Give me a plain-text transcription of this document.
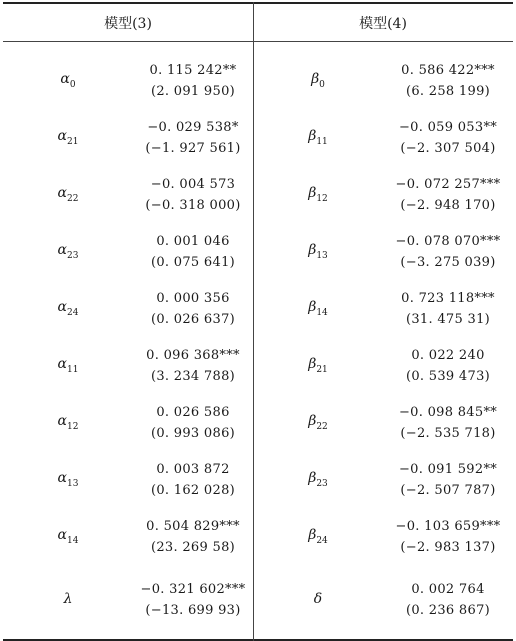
模型(3)	模型(4)
$\alpha_0$
0. 115 242**
(2. 091 950)
$\beta_0$
0. 586 422***
(6. 258 199)
$\alpha_{21}$
−0. 029 538*
(−1. 927 561)
$\beta_{11}$
−0. 059 053**
(−2. 307 504)
$\alpha_{22}$
−0. 004 573
(−0. 318 000)
$\beta_{12}$
−0. 072 257***
(−2. 948 170)
$\alpha_{23}$
0. 001 046
(0. 075 641)
$\beta_{13}$
−0. 078 070***
(−3. 275 039)
$\alpha_{24}$
0. 000 356
(0. 026 637)
$\beta_{14}$
0. 723 118***
(31. 475 31)
$\alpha_{11}$
0. 096 368***
(3. 234 788)
$\beta_{21}$
0. 022 240
(0. 539 473)
$\alpha_{12}$
0. 026 586
(0. 993 086)
$\beta_{22}$
−0. 098 845**
(−2. 535 718)
$\alpha_{13}$
0. 003 872
(0. 162 028)
$\beta_{23}$
−0. 091 592**
(−2. 507 787)
$\alpha_{14}$
0. 504 829***
(23. 269 58)
$\beta_{24}$
−0. 103 659***
(−2. 983 137)
λ
−0. 321 602***
(−13. 699 93)
δ
0. 002 764
(0. 236 867)
